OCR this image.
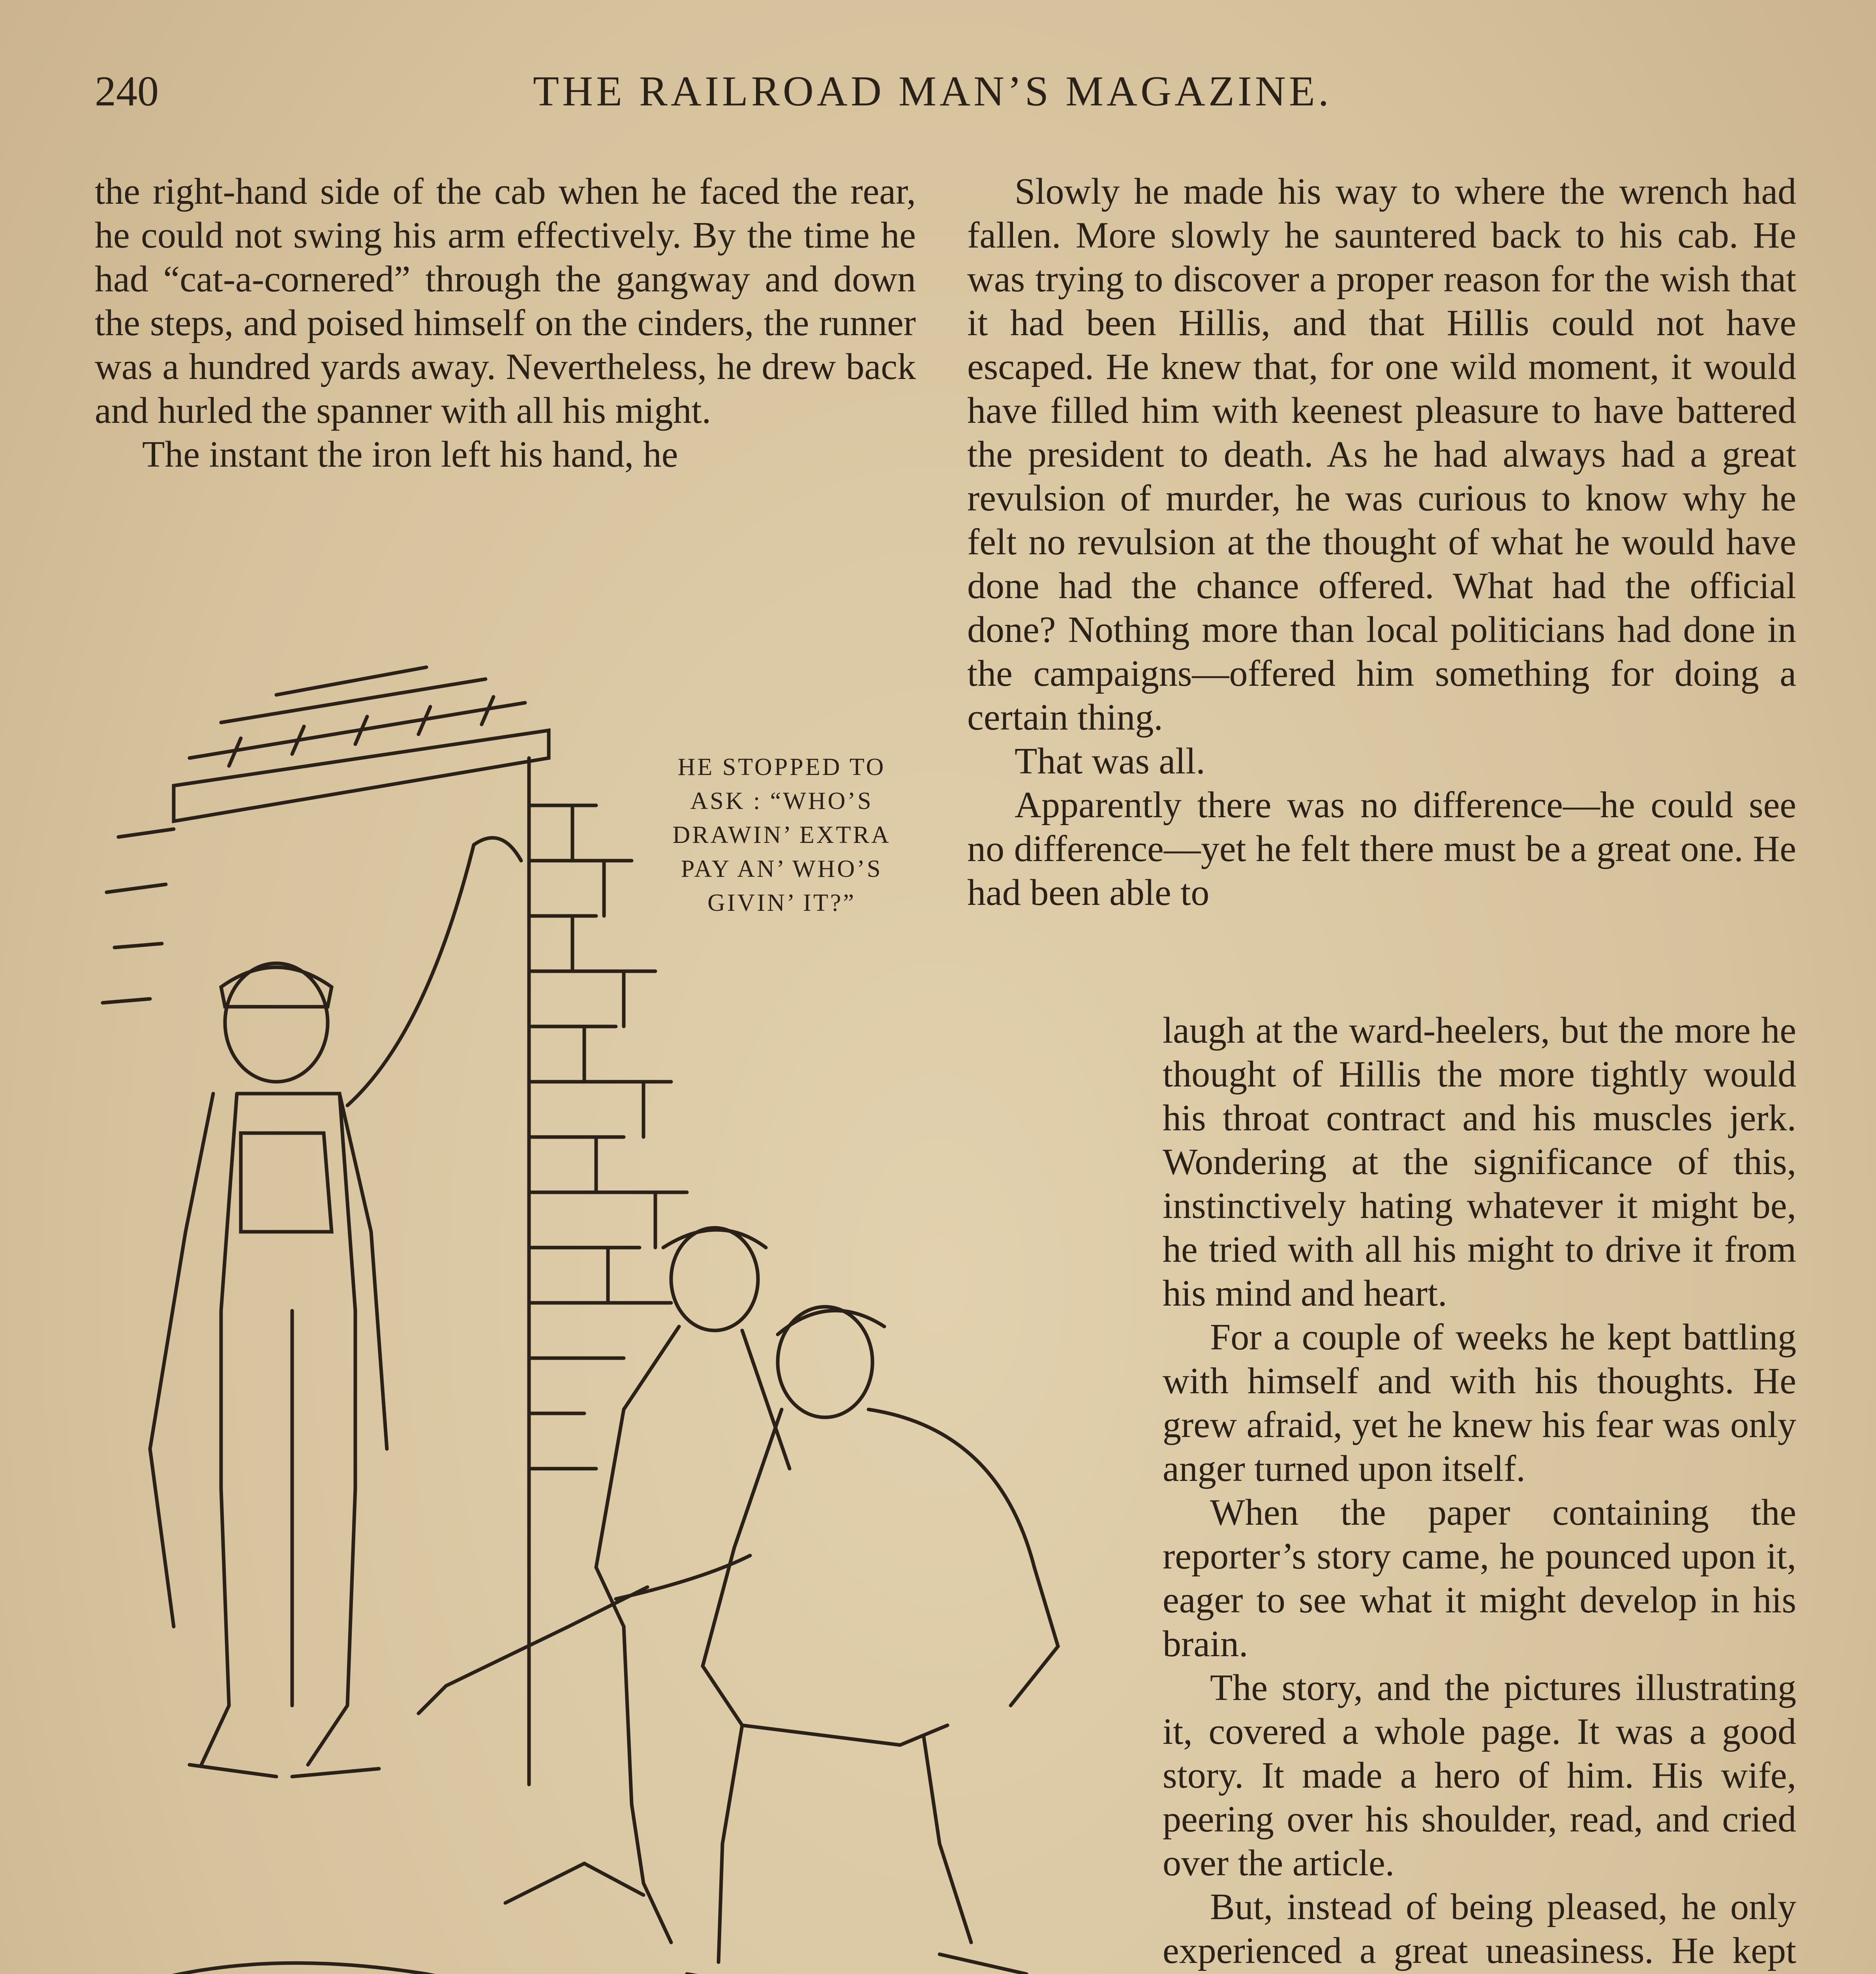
240	THE RAILROAD MAN’S MAGAZINE.

the right-hand side of the cab when he faced the rear, he could not swing his arm effectively. By the time he had “cat-a-cornered” through the gangway and down the steps, and poised himself on the cinders, the runner was a hundred yards away. Nevertheless, he drew back and hurled the spanner with all his might.

The instant the iron left his hand, he

HE STOPPED TO
ASK : “WHO’S
DRAWIN’ EXTRA
PAY AN’ WHO’S
GIVIN’ IT?”

Slowly he made his way to where the wrench had fallen. More slowly he sauntered back to his cab. He was trying to discover a proper reason for the wish that it had been Hillis, and that Hillis could not have escaped. He knew that, for one wild moment, it would have filled him with keenest pleasure to have battered the president to death. As he had always had a great revulsion of murder, he was curious to know why he felt no revulsion at the thought of what he would have done had the chance offered. What had the official done? Nothing more than local politicians had done in the campaigns—offered him something for doing a certain thing.

That was all.

Apparently there was no difference—he could see no difference—yet he felt there must be a great one. He had been able to

laugh at the ward-heelers, but the more he thought of Hillis the more tightly would his throat contract and his muscles jerk. Wondering at the significance of this, instinctively hating whatever it might be, he tried with all his might to drive it from his mind and heart.

For a couple of weeks he kept battling with himself and with his thoughts. He grew afraid, yet he knew his fear was only anger turned upon itself.

When the paper containing the reporter’s story came, he pounced upon it, eager to see what it might develop in his brain.

The story, and the pictures illustrating it, covered a whole page. It was a good story. It made a hero of him. His wife, peering over his shoulder, read, and cried over the article.

But, instead of being pleased, he only experienced a great uneasiness. He kept
